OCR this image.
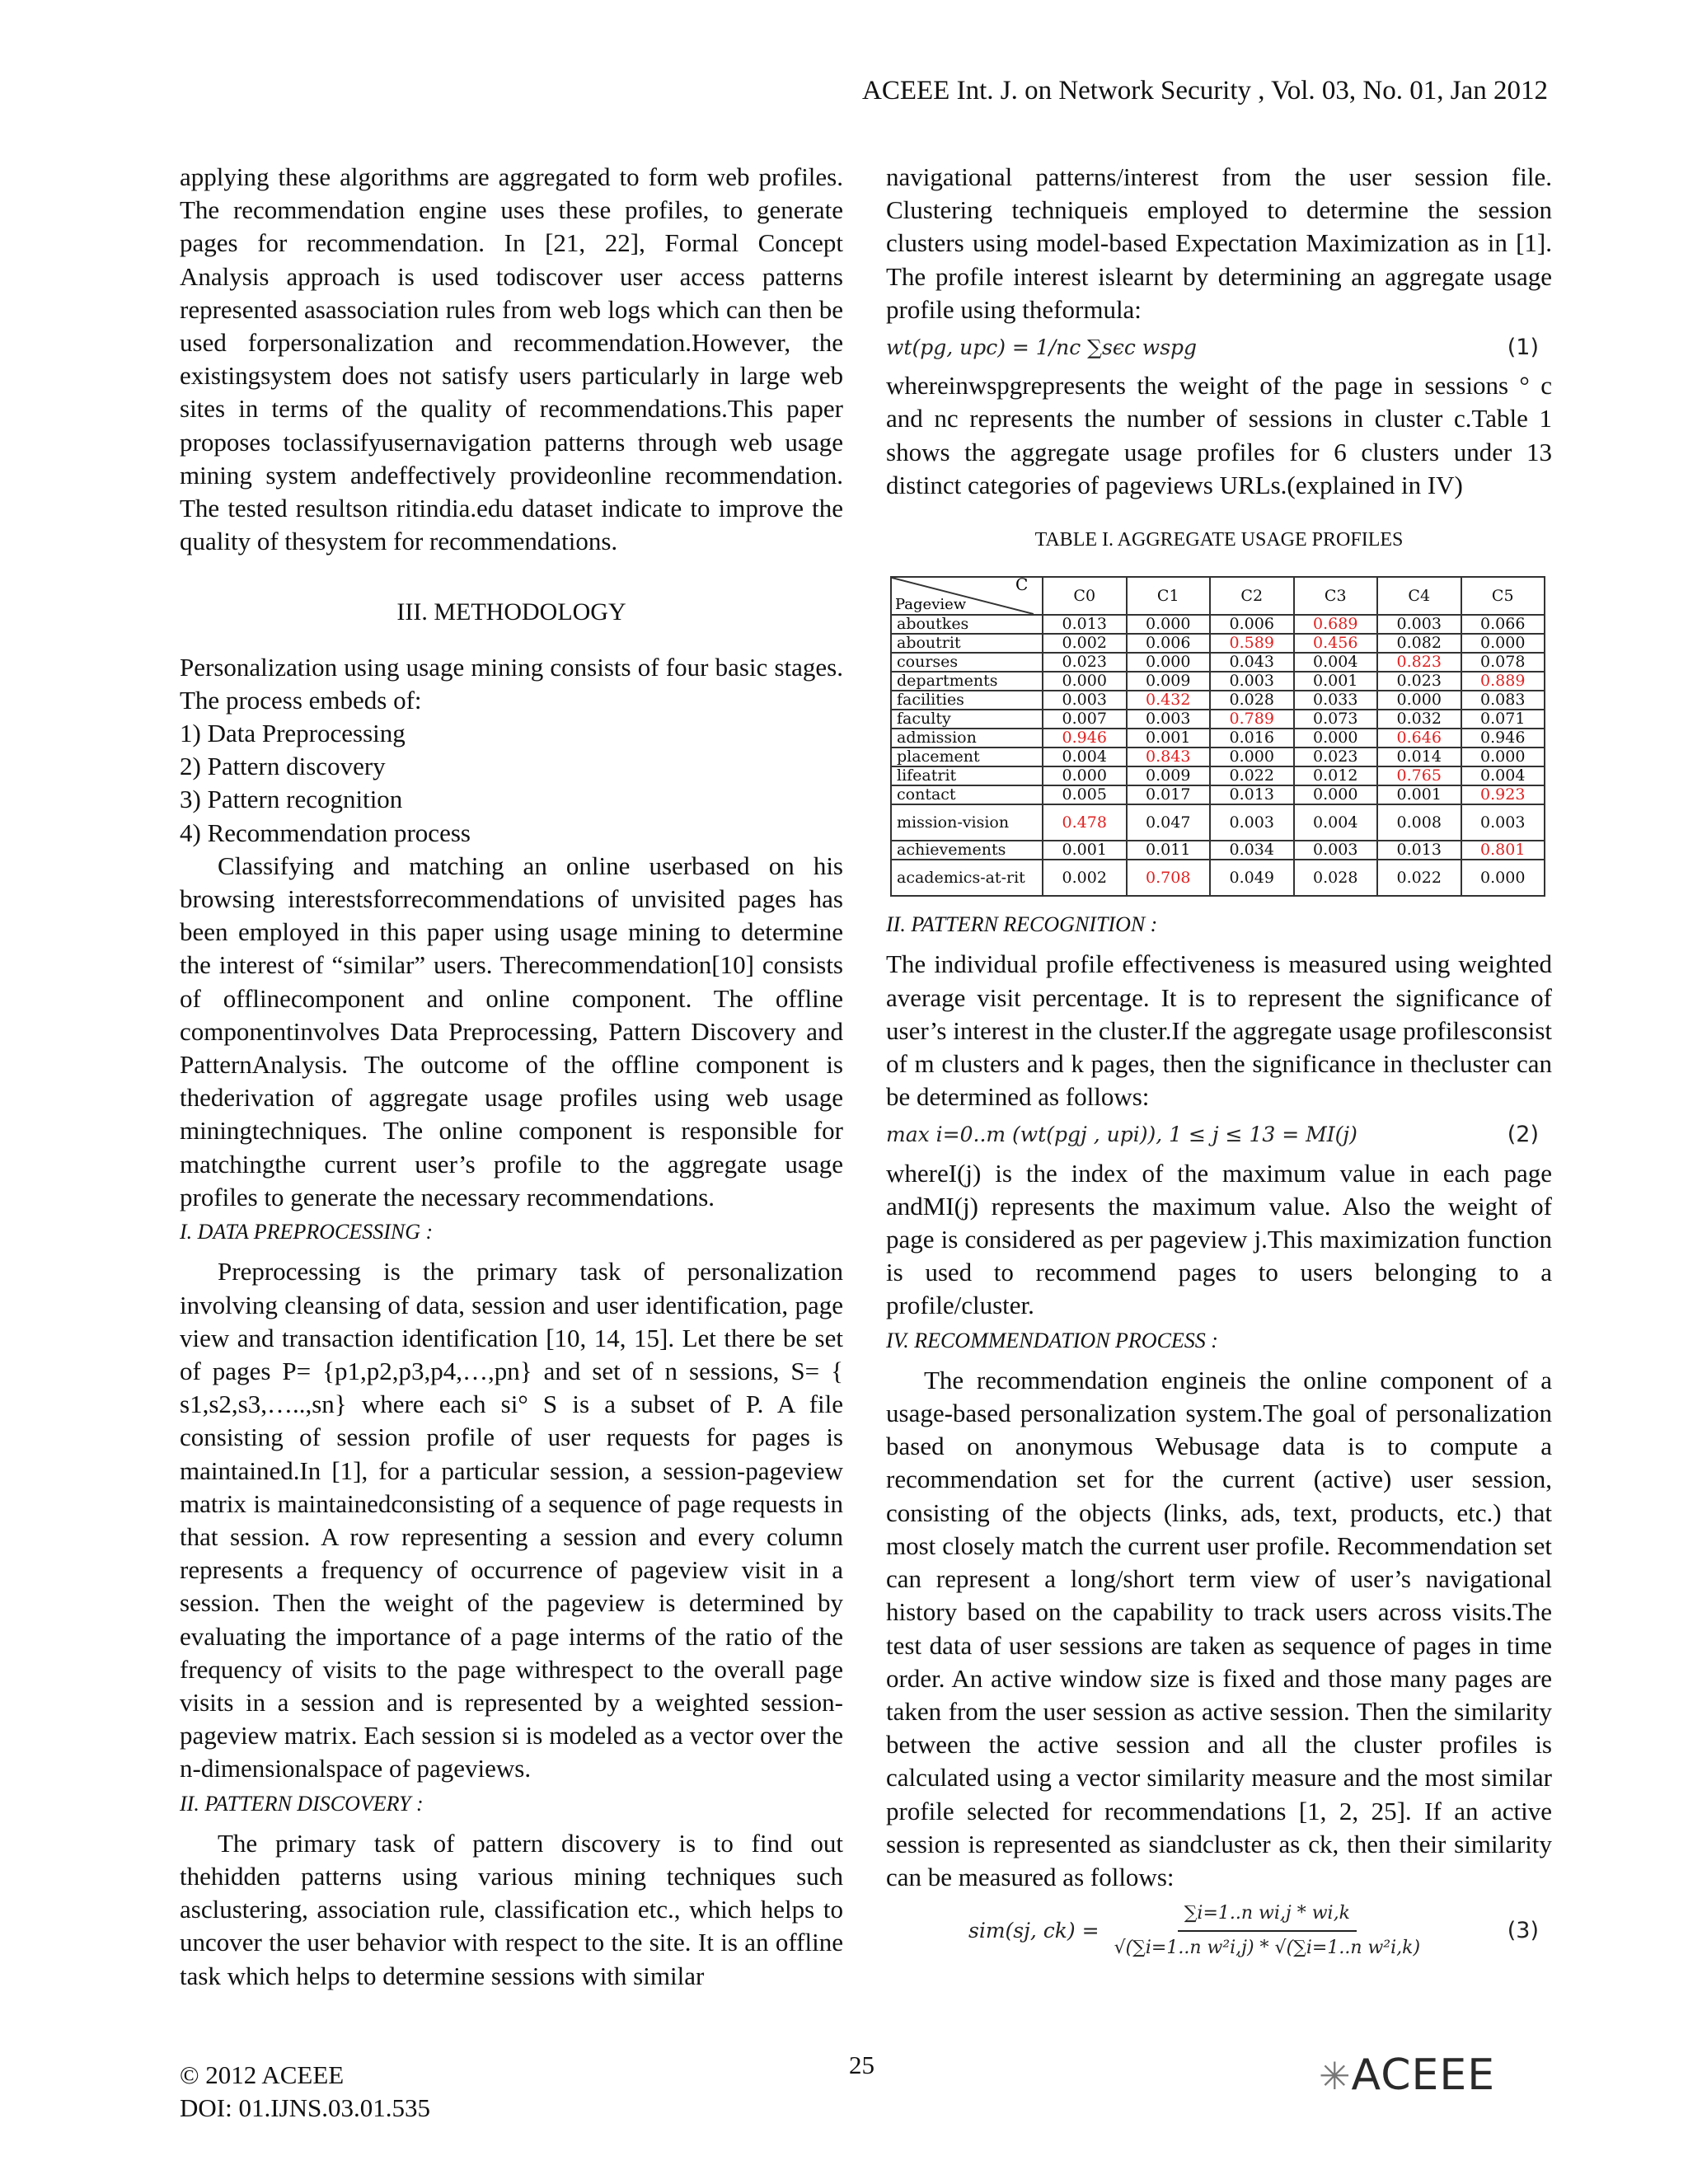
ACEEE Int. J. on Network Security , Vol. 03, No. 01, Jan 2012

applying these algorithms are aggregated to form web profiles. The recommendation engine uses these profiles, to generate pages for recommendation. In [21, 22], Formal Concept Analysis approach is used todiscover user access patterns represented asassociation rules from web logs which can then be used forpersonalization and recommendation.However, the existingsystem does not satisfy users particularly in large web sites in terms of the quality of recommendations.This paper proposes toclassifyusernavigation patterns through web usage mining system andeffectively provideonline recommendation. The tested resultson ritindia.edu dataset indicate to improve the quality of thesystem for recommendations.

III. METHODOLOGY

Personalization using usage mining consists of four basic stages. The process embeds of:

1) Data Preprocessing
2) Pattern discovery
3) Pattern recognition
4) Recommendation process

Classifying and matching an online userbased on his browsing interestsforrecommendations of unvisited pages has been employed in this paper using usage mining to determine the interest of “similar” users. Therecommendation[10] consists of offlinecomponent and online component. The offline componentinvolves Data Preprocessing, Pattern Discovery and PatternAnalysis. The outcome of the offline component is thederivation of aggregate usage profiles using web usage miningtechniques. The online component is responsible for matchingthe current user’s profile to the aggregate usage profiles to generate the necessary recommendations.

I. DATA PREPROCESSING :

Preprocessing is the primary task of personalization involving cleansing of data, session and user identification, page view and transaction identification [10, 14, 15]. Let there be set of pages P= {p1,p2,p3,p4,…,pn} and set of n sessions, S= { s1,s2,s3,…..,sn} where each si° S is a subset of P. A file consisting of session profile of user requests for pages is maintained.In [1], for a particular session, a session-pageview matrix is maintainedconsisting of a sequence of page requests in that session. A row representing a session and every column represents a frequency of occurrence of pageview visit in a session. Then the weight of the pageview is determined by evaluating the importance of a page interms of the ratio of the frequency of visits to the page withrespect to the overall page visits in a session and is represented by a weighted session-pageview matrix. Each session si is modeled as a vector over the n-dimensionalspace of pageviews.

II. PATTERN DISCOVERY :

The primary task of pattern discovery is to find out thehidden patterns using various mining techniques such asclustering, association rule, classification etc., which helps to uncover the user behavior with respect to the site. It is an offline task which helps to determine sessions with similar

navigational patterns/interest from the user session file. Clustering techniqueis employed to determine the session clusters using model-based Expectation Maximization as in [1]. The profile interest islearnt by determining an aggregate usage profile using theformula:

wt(pg, upc) = 1/nc ∑sєc wspg	(1)

whereinwspgrepresents the weight of the page in sessions ° c and nc represents the number of sessions in cluster c.Table 1 shows the aggregate usage profiles for 6 clusters under 13 distinct categories of pageviews URLs.(explained in IV)

TABLE I. AGGREGATE USAGE PROFILES
C
Pageview	C0	C1	C2	C3	C4	C5
aboutkes	0.013	0.000	0.006	0.689	0.003	0.066
aboutrit	0.002	0.006	0.589	0.456	0.082	0.000
courses	0.023	0.000	0.043	0.004	0.823	0.078
departments	0.000	0.009	0.003	0.001	0.023	0.889
facilities	0.003	0.432	0.028	0.033	0.000	0.083
faculty	0.007	0.003	0.789	0.073	0.032	0.071
admission	0.946	0.001	0.016	0.000	0.646	0.946
placement	0.004	0.843	0.000	0.023	0.014	0.000
lifeatrit	0.000	0.009	0.022	0.012	0.765	0.004
contact	0.005	0.017	0.013	0.000	0.001	0.923
mission-vision	0.478	0.047	0.003	0.004	0.008	0.003
achievements	0.001	0.011	0.034	0.003	0.013	0.801
academics-at-rit	0.002	0.708	0.049	0.028	0.022	0.000
II. PATTERN RECOGNITION :

The individual profile effectiveness is measured using weighted average visit percentage. It is to represent the significance of user’s interest in the cluster.If the aggregate usage profilesconsist of m clusters and k pages, then the significance in thecluster can be determined as follows:

max i=0..m (wt(pgj , upi)), 1 ≤ j ≤ 13 = MI(j)	(2)

whereI(j) is the index of the maximum value in each page andMI(j) represents the maximum value. Also the weight of page is considered as per pageview j.This maximization function is used to recommend pages to users belonging to a profile/cluster.

IV. RECOMMENDATION PROCESS :

The recommendation engineis the online component of a usage-based personalization system.The goal of personalization based on anonymous Webusage data is to compute a recommendation set for the current (active) user session, consisting of the objects (links, ads, text, products, etc.) that most closely match the current user profile. Recommendation set can represent a long/short term view of user’s navigational history based on the capability to track users across visits.The test data of user sessions are taken as sequence of pages in time order. An active window size is fixed and those many pages are taken from the user session as active session. Then the similarity between the active session and all the cluster profiles is calculated using a vector similarity measure and the most similar profile selected for recommendations [1, 2, 25]. If an active session is represented as siandcluster as ck, then their similarity can be measured as follows:

sim(sj, $ck) = \frac{\text{∑i=1..n wi,j * wi,k}}{\text{√(∑i=1..n w²i,j) * √(∑i=1..n w²i,k)}}$	(3)
© 2012 ACEEE
DOI: 01.IJNS.03.01.535
25	✳ACEEE
